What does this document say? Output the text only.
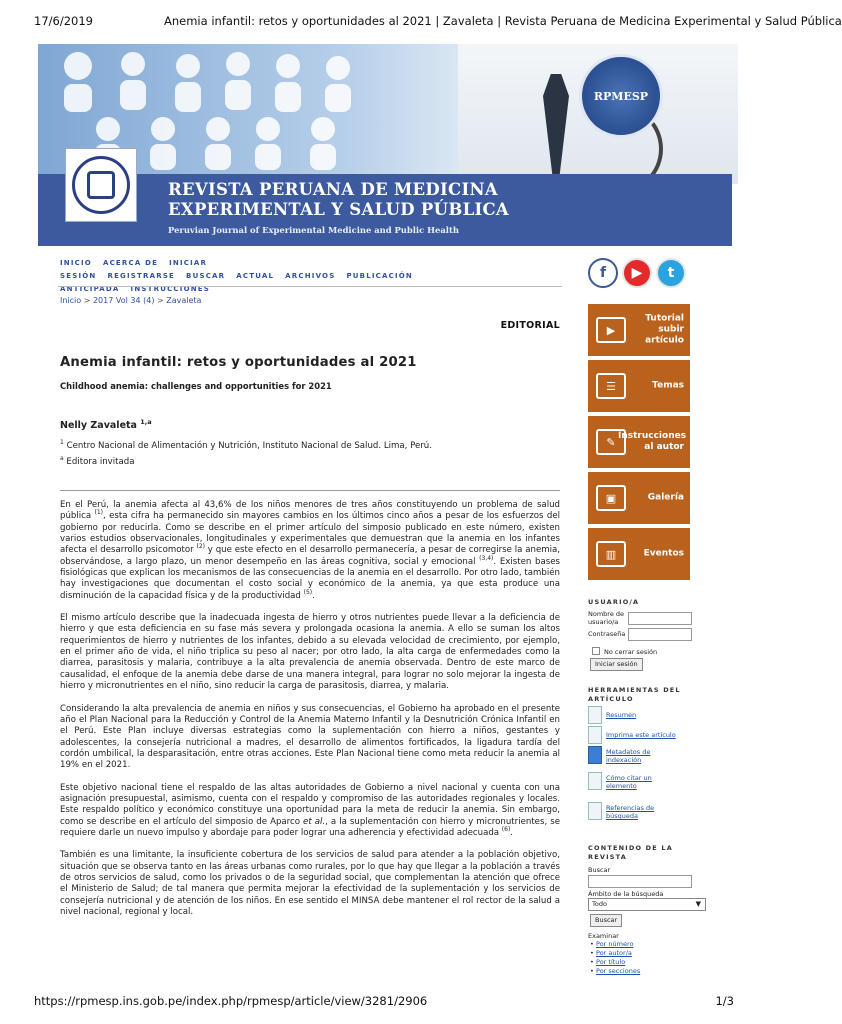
17/6/2019	Anemia infantil: retos y oportunidades al 2021 | Zavaleta | Revista Peruana de Medicina Experimental y Salud Pública
RPMESP
REVISTA PERUANA DE MEDICINA
EXPERIMENTAL Y SALUD PÚBLICA
Peruvian Journal of Experimental Medicine and Public Health
INICIO ACERCA DE INICIAR SESIÓN REGISTRARSE BUSCAR ACTUAL ARCHIVOS PUBLICACIÓN ANTICIPADA INSTRUCCIONES
Inicio > 2017 Vol 34 (4) > Zavaleta
EDITORIAL
Anemia infantil: retos y oportunidades al 2021
Childhood anemia: challenges and opportunities for 2021
Nelly Zavaleta $^{1,a}$
$^1$ Centro Nacional de Alimentación y Nutrición, Instituto Nacional de Salud. Lima, Perú.
$^a$ Editora invitada

En el Perú, la anemia afecta al 43,6% de los niños menores de tres años constituyendo un problema de salud pública $^{(1)}$, esta cifra ha permanecido sin mayores cambios en los últimos cinco años a pesar de los esfuerzos del gobierno por reducirla. Como se describe en el primer artículo del simposio publicado en este número, existen varios estudios observacionales, longitudinales y experimentales que demuestran que la anemia en los infantes afecta el desarrollo psicomotor $^{(2)}$ y que este efecto en el desarrollo permanecería, a pesar de corregirse la anemia, observándose, a largo plazo, un menor desempeño en las áreas cognitiva, social y emocional $^{(3,4)}$. Existen bases fisiológicas que explican los mecanismos de las consecuencias de la anemia en el desarrollo. Por otro lado, también hay investigaciones que documentan el costo social y económico de la anemia, ya que esta produce una disminución de la capacidad física y de la productividad $^{(5)}$.

El mismo artículo describe que la inadecuada ingesta de hierro y otros nutrientes puede llevar a la deficiencia de hierro y que esta deficiencia en su fase más severa y prolongada ocasiona la anemia. A ello se suman los altos requerimientos de hierro y nutrientes de los infantes, debido a su elevada velocidad de crecimiento, por ejemplo, en el primer año de vida, el niño triplica su peso al nacer; por otro lado, la alta carga de enfermedades como la diarrea, parasitosis y malaria, contribuye a la alta prevalencia de anemia observada. Dentro de este marco de causalidad, el enfoque de la anemia debe darse de una manera integral, para lograr no solo mejorar la ingesta de hierro y micronutrientes en el niño, sino reducir la carga de parasitosis, diarrea, y malaria.

Considerando la alta prevalencia de anemia en niños y sus consecuencias, el Gobierno ha aprobado en el presente año el Plan Nacional para la Reducción y Control de la Anemia Materno Infantil y la Desnutrición Crónica Infantil en el Perú. Este Plan incluye diversas estrategias como la suplementación con hierro a niños, gestantes y adolescentes, la consejería nutricional a madres, el desarrollo de alimentos fortificados, la ligadura tardía del cordón umbilical, la desparasitación, entre otras acciones. Este Plan Nacional tiene como meta reducir la anemia al 19% en el 2021.

Este objetivo nacional tiene el respaldo de las altas autoridades de Gobierno a nivel nacional y cuenta con una asignación presupuestal, asimismo, cuenta con el respaldo y compromiso de las autoridades regionales y locales. Este respaldo político y económico constituye una oportunidad para la meta de reducir la anemia. Sin embargo, como se describe en el artículo del simposio de Aparco et al., a la suplementación con hierro y micronutrientes, se requiere darle un nuevo impulso y abordaje para poder lograr una adherencia y efectividad adecuada $^{(6)}$.

También es una limitante, la insuficiente cobertura de los servicios de salud para atender a la población objetivo, situación que se observa tanto en las áreas urbanas como rurales, por lo que hay que llegar a la población a través de otros servicios de salud, como los privados o de la seguridad social, que complementan la atención que ofrece el Ministerio de Salud; de tal manera que permita mejorar la efectividad de la suplementación y los servicios de consejería nutricional y de atención de los niños. En ese sentido el MINSA debe mantener el rol rector de la salud a nivel nacional, regional y local.

f	▶	t
▶
Tutorial subir artículo
☰	Temas
✎ Instrucciones al autor
▣	Galería
▥	Eventos
USUARIO/A
Nombre de usuario/a
Contraseña
No cerrar sesión
Iniciar sesión
HERRAMIENTAS DEL ARTÍCULO
Resumen
Imprima este artículo
Metadatos de indexación
Cómo citar un elemento
Referencias de búsqueda
CONTENIDO DE LA REVISTA
Buscar
Ámbito de la búsqueda
Todo	▼
Buscar
Examinar
• Por número
• Por autor/a
• Por título
• Por secciones
https://rpmesp.ins.gob.pe/index.php/rpmesp/article/view/3281/2906	1/3
